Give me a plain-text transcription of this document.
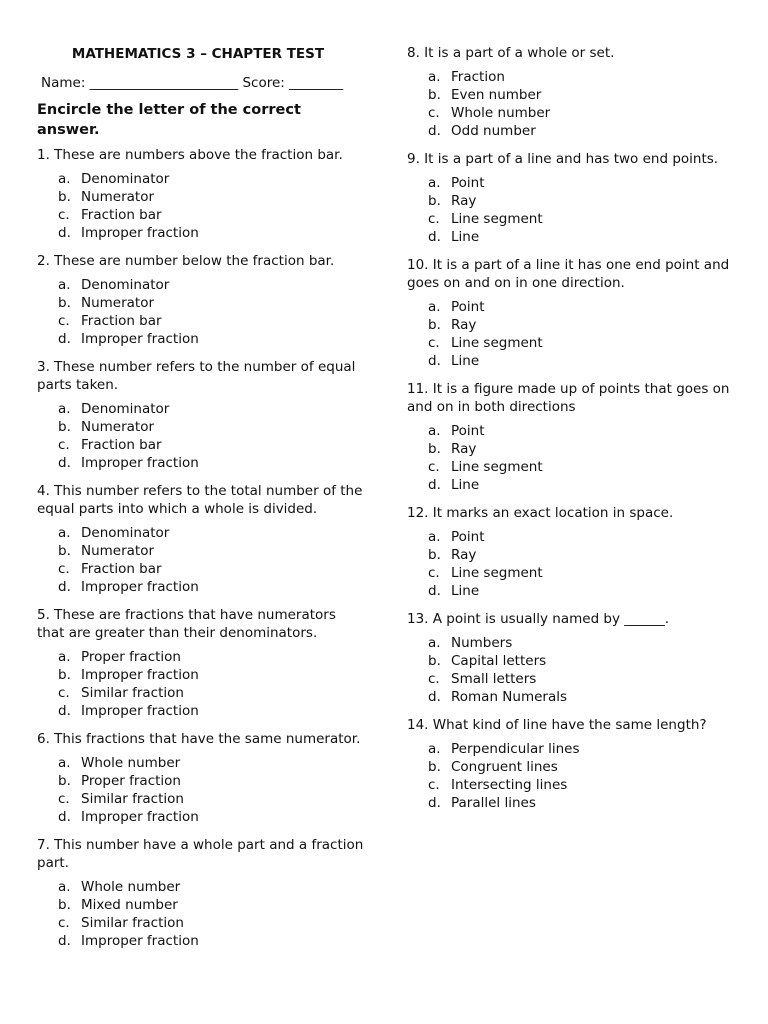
MATHEMATICS 3 – CHAPTER TEST
Name: ______________________ Score: ________
Encircle the letter of the correct answer.
1. These are numbers above the fraction bar.
a. Denominator
b. Numerator
c. Fraction bar
d. Improper fraction
2. These are number below the fraction bar.
a. Denominator
b. Numerator
c. Fraction bar
d. Improper fraction
3. These number refers to the number of equal parts taken.
a. Denominator
b. Numerator
c. Fraction bar
d. Improper fraction
4. This number refers to the total number of the equal parts into which a whole is divided.
a. Denominator
b. Numerator
c. Fraction bar
d. Improper fraction
5. These are fractions that have numerators that are greater than their denominators.
a. Proper fraction
b. Improper fraction
c. Similar fraction
d. Improper fraction
6. This fractions that have the same numerator.
a. Whole number
b. Proper fraction
c. Similar fraction
d. Improper fraction
7. This number have a whole part and a fraction part.
a. Whole number
b. Mixed number
c. Similar fraction
d. Improper fraction
8. It is a part of a whole or set.
a. Fraction
b. Even number
c. Whole number
d. Odd number
9. It is a part of a line and has two end points.
a. Point
b. Ray
c. Line segment
d. Line
10. It is a part of a line it has one end point and goes on and on in one direction.
a. Point
b. Ray
c. Line segment
d. Line
11. It is a figure made up of points that goes on and on in both directions
a. Point
b. Ray
c. Line segment
d. Line
12. It marks an exact location in space.
a. Point
b. Ray
c. Line segment
d. Line
13. A point is usually named by ______.
a. Numbers
b. Capital letters
c. Small letters
d. Roman Numerals
14. What kind of line have the same length?
a. Perpendicular lines
b. Congruent lines
c. Intersecting lines
d. Parallel lines
